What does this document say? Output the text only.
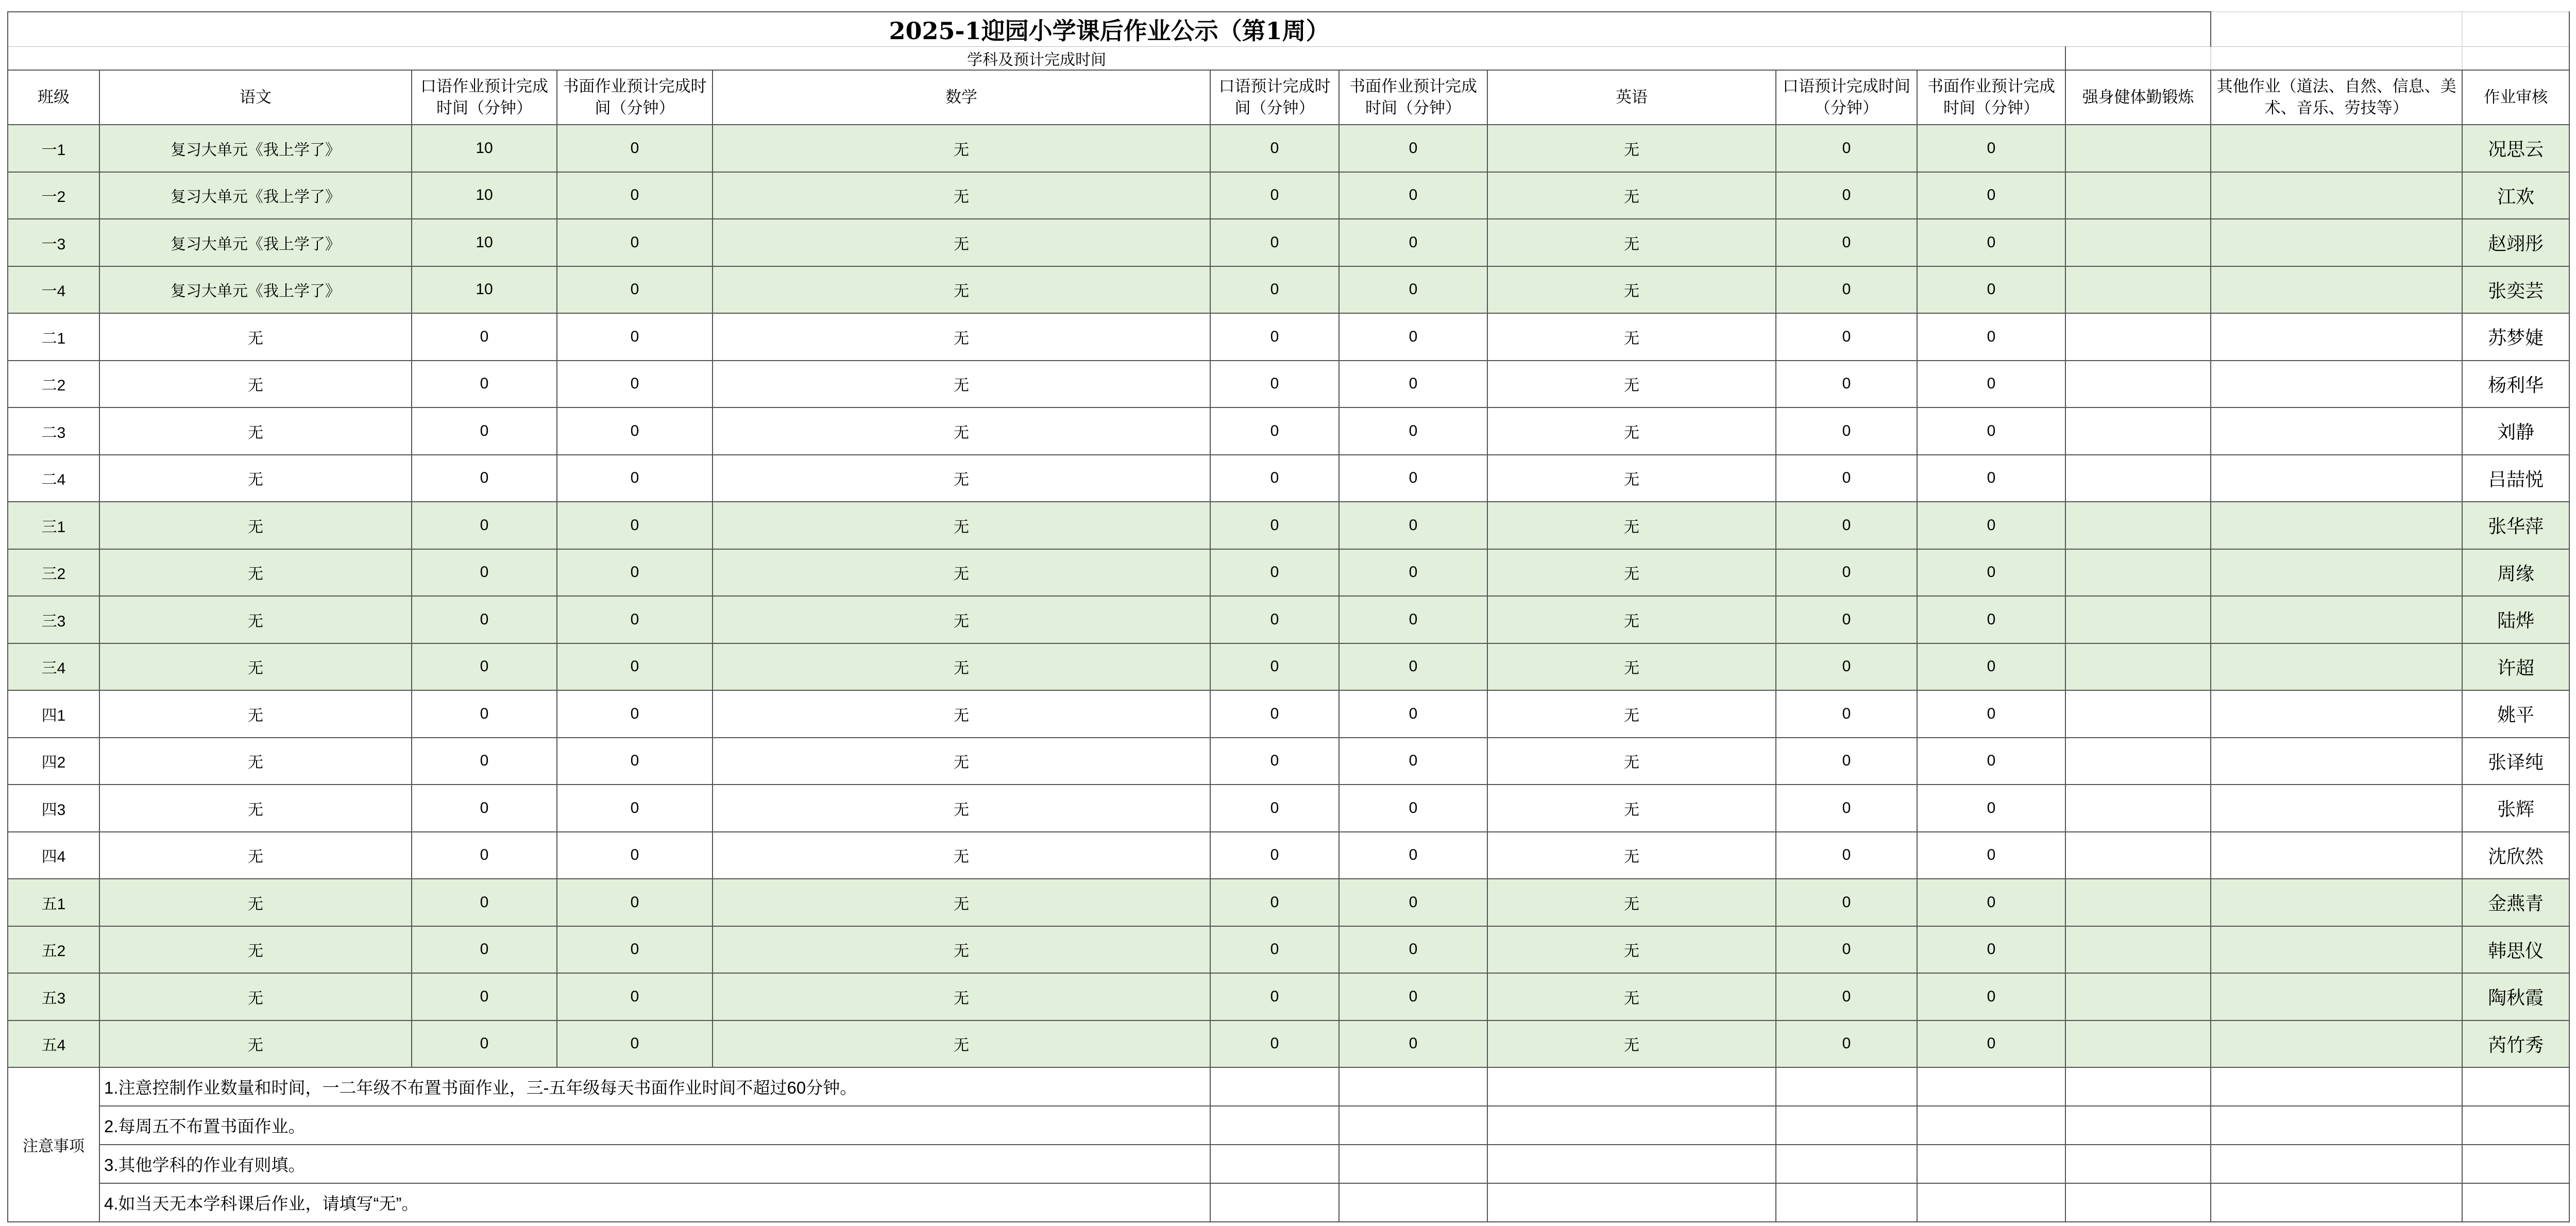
2025-1迎园小学课后作业公示（第1周）												
学科及预计完成时间												
班级	语文	口语作业预计完成时间（分钟）	书面作业预计完成时间（分钟）	数学	口语预计完成时间（分钟）	书面作业预计完成时间（分钟）	英语	口语预计完成时间（分钟）	书面作业预计完成时间（分钟）	强身健体勤锻炼	其他作业（道法、自然、信息、美术、音乐、劳技等）	作业审核
一1	复习大单元《我上学了》	10	0	无	0	0	无	0	0			况思云
一2	复习大单元《我上学了》	10	0	无	0	0	无	0	0			江欢
一3	复习大单元《我上学了》	10	0	无	0	0	无	0	0			赵翊彤
一4	复习大单元《我上学了》	10	0	无	0	0	无	0	0			张奕芸
二1	无	0	0	无	0	0	无	0	0			苏梦婕
二2	无	0	0	无	0	0	无	0	0			杨利华
二3	无	0	0	无	0	0	无	0	0			刘静
二4	无	0	0	无	0	0	无	0	0			吕喆悦
三1	无	0	0	无	0	0	无	0	0			张华萍
三2	无	0	0	无	0	0	无	0	0			周缘
三3	无	0	0	无	0	0	无	0	0			陆烨
三4	无	0	0	无	0	0	无	0	0			许超
四1	无	0	0	无	0	0	无	0	0			姚平
四2	无	0	0	无	0	0	无	0	0			张译纯
四3	无	0	0	无	0	0	无	0	0			张辉
四4	无	0	0	无	0	0	无	0	0			沈欣然
五1	无	0	0	无	0	0	无	0	0			金燕青
五2	无	0	0	无	0	0	无	0	0			韩思仪
五3	无	0	0	无	0	0	无	0	0			陶秋霞
五4	无	0	0	无	0	0	无	0	0			芮竹秀
注意事项	1.注意控制作业数量和时间，一二年级不布置书面作业，三-五年级每天书面作业时间不超过60分钟。											
	2.每周五不布置书面作业。											
	3.其他学科的作业有则填。											
	4.如当天无本学科课后作业，请填写“无”。											
